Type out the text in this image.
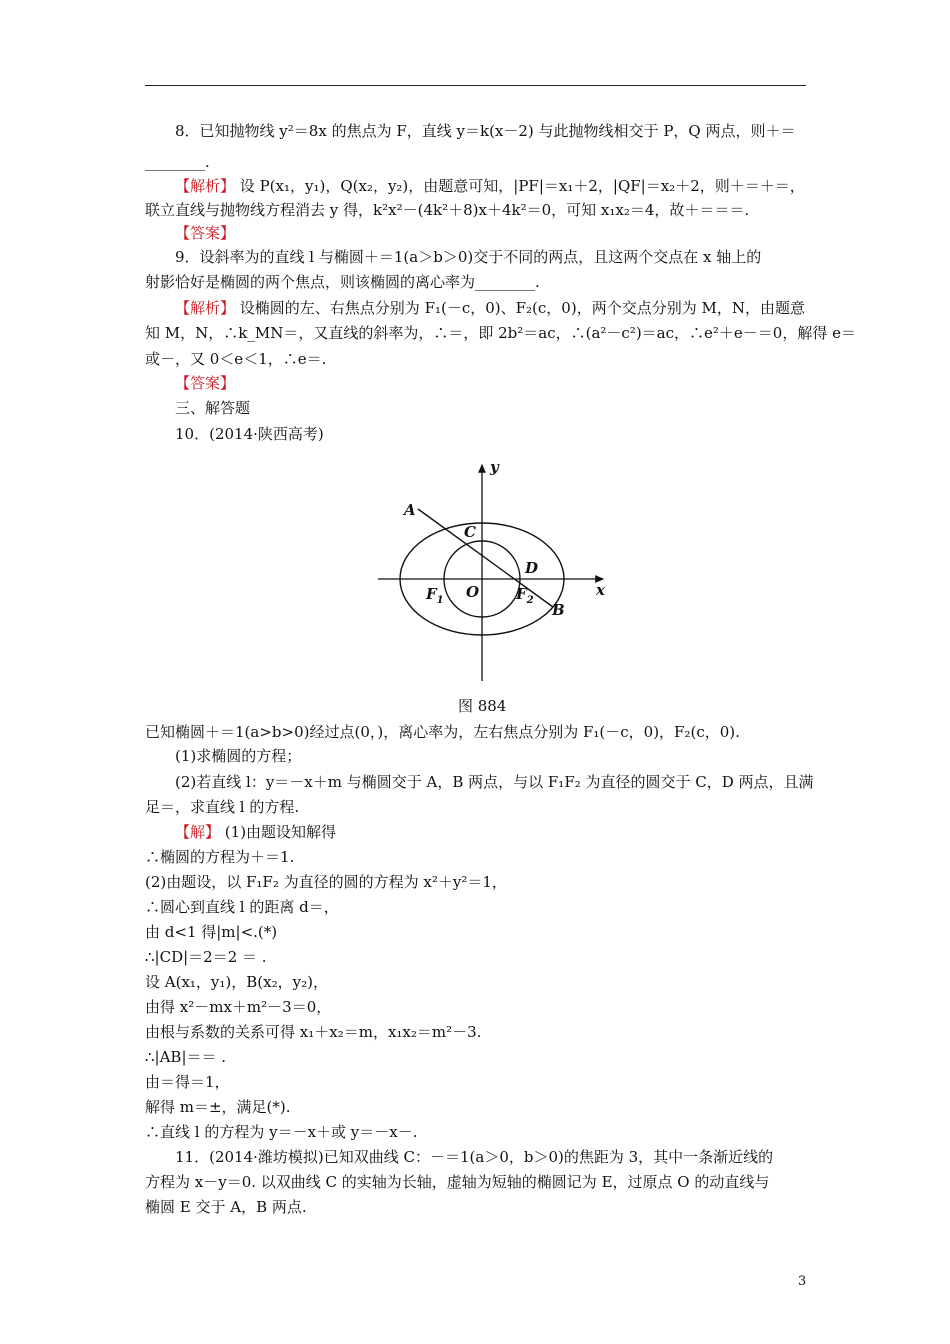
8．已知抛物线 y²＝8x 的焦点为 F，直线 y＝k(x－2) 与此抛物线相交于 P，Q 两点，则＋＝
________.
【解析】 设 P(x₁，y₁)，Q(x₂，y₂)，由题意可知，|PF|＝x₁＋2，|QF|＝x₂＋2，则＋＝＋＝，
联立直线与抛物线方程消去 y 得，k²x²－(4k²＋8)x＋4k²＝0，可知 x₁x₂＝4，故＋＝＝＝.
【答案】
9．设斜率为的直线 l 与椭圆＋＝1(a＞b＞0)交于不同的两点，且这两个交点在 x 轴上的
射影恰好是椭圆的两个焦点，则该椭圆的离心率为________.
【解析】 设椭圆的左、右焦点分别为 F₁(－c，0)、F₂(c，0)，两个交点分别为 M，N，由题意
知 M，N，∴k_MN＝，又直线的斜率为，∴＝，即 2b²＝ac，∴(a²－c²)＝ac，∴e²＋e－＝0，解得 e＝
或－，又 0＜e＜1，∴e＝.
【答案】
三、解答题
10．(2014·陕西高考)
y
x
A
C
D
O
B
$F_1$	$F_2$
图 884
已知椭圆＋＝1(a>b>0)经过点(0，)，离心率为，左右焦点分别为 F₁(－c，0)，F₂(c，0).
(1)求椭圆的方程；
(2)若直线 l：y＝－x＋m 与椭圆交于 A，B 两点，与以 F₁F₂ 为直径的圆交于 C，D 两点，且满
足＝，求直线 l 的方程.
【解】 (1)由题设知解得
∴椭圆的方程为＋＝1.
(2)由题设，以 F₁F₂ 为直径的圆的方程为 x²＋y²＝1，
∴圆心到直线 l 的距离 d＝，
由 d<1 得|m|<.(*)
∴|CD|＝2＝2 ＝ .
设 A(x₁，y₁)，B(x₂，y₂)，
由得 x²－mx＋m²－3＝0，
由根与系数的关系可得 x₁＋x₂＝m，x₁x₂＝m²－3.
∴|AB|＝＝ .
由＝得＝1，
解得 m＝±，满足(*).
∴直线 l 的方程为 y＝－x＋或 y＝－x－.
11．(2014·潍坊模拟)已知双曲线 C：－＝1(a＞0，b＞0)的焦距为 3，其中一条渐近线的
方程为 x－y＝0. 以双曲线 C 的实轴为长轴，虚轴为短轴的椭圆记为 E，过原点 O 的动直线与
椭圆 E 交于 A，B 两点.
3
